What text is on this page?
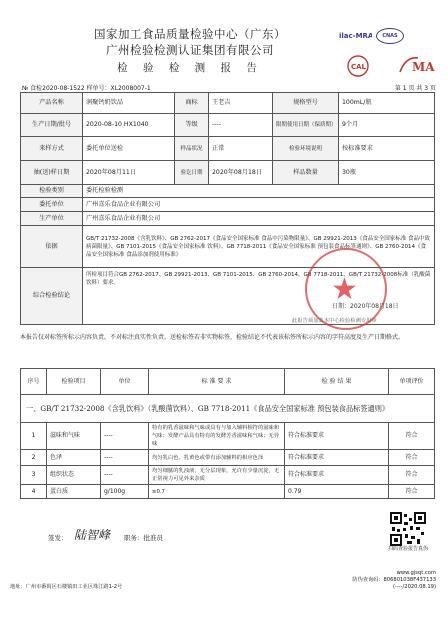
国家加工食品质量检验中心（广东）
广州检验检测认证集团有限公司
检 验 检 测 报 告
ilac-MRA	CNAS
CAL	MA
№ 食检2020-08-1522 样单号：XL2008007-1	第 1 页 共 3 页
产品名称	润聚钙奶饮品	商标	王老吉	规格型号	100mL/瓶
生产日期/批号	2020-08-10 HX1040	等级	----	限期使用日期（保质期）	9个月
来样方式	委托单位送检	样品状况	正常	检验环境说明	按标准要求
抽(送)样日期	2020年08月11日	验讫日期	2020年08月18日	样品数量	30瓶
检验类别	委托检验检测				
委托单位	广州喜乐食品企业有限公司				
生产单位	广州喜乐食品企业有限公司				
依据	GB/T 21732-2008《含乳饮料》、GB 2762-2017《食品安全国家标准 食品中污染物限量》、GB 29921-2013《食品安全国家标准 食品中致病菌限量》、GB 7101-2015《食品安全国家标准 饮料》、GB 7718-2011《食品安全国家标准 预包装食品标签通则》、GB 2760-2014《食品安全国家标准 食品添加剂使用标准》				
综合检验结论	所检项目符合GB 2762-2017、GB 29921-2013、GB 7101-2015、GB 2760-2014、GB 7718-2011、GB/T 21732-2008标准（乳酸菌饮料）要求。					★
日期：2020年08月18日
此报告须加盖本中心检验检测专用章
本报告仅对标签所标示内容负责，不对标注真实性负责。送检标签若非实物标签，检验结论不代表该标签所标示内容的字符高度及生产日期格式。
序号	检验项目	单位	标 准 要 求	检 验 结 果	单项评价
一、GB/T 21732-2008《含乳饮料》（乳酸菌饮料）、GB 7718-2011《食品安全国家标准 预包装食品标签通则》					
1	滋味和气味	----	特有的乳香滋味和气味或具有与加入辅料相符的滋味和气味；发酵产品具有特有的发酵芳香滋味和气味；无异味	符合标准要求	符合
2	色泽	----	均匀乳白色、乳黄色或带有添加辅料的相应色泽	符合标准要求	符合
3	组织状态	----	均匀细腻的乳浊液，无分层现象，允许有少量沉淀，无正常视力可见外来杂质	符合标准要求	符合
4	蛋白质	g/100g	≥0.7	0.79	符合
签发： 陆智峰 职务：批准员
扫码查验报告真伪
www.gjsqt.com
防伪查询码：806801038F437133
(----/2020.08.19)
地址：广州市番禺区石楼镇田工业区珠江路1-2号
